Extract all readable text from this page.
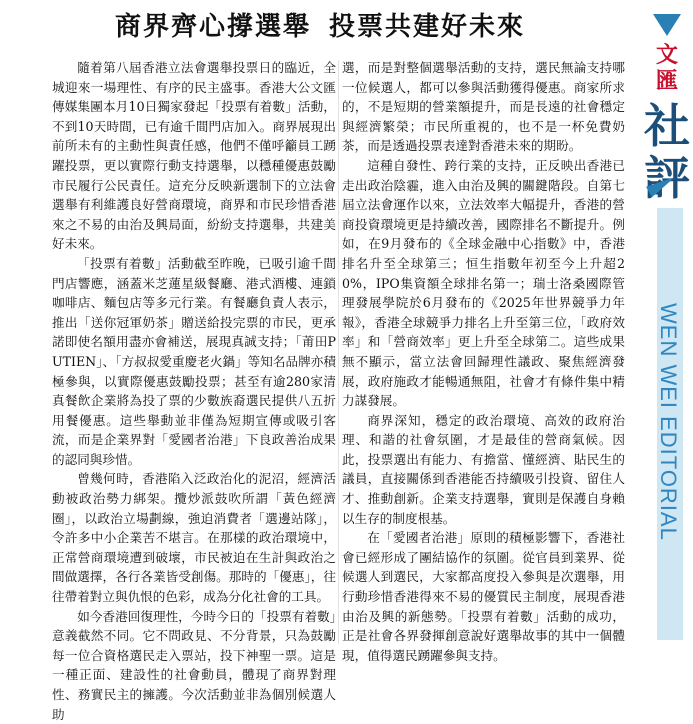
商界齊心撐選舉 投票共建好未來

隨着第八屆香港立法會選舉投票日的臨近，全城迎來一場理性、有序的民主盛事。香港大公文匯傳媒集團本月10日獨家發起「投票有着數」活動，不到10天時間，已有逾千間門店加入。商界展現出前所未有的主動性與責任感，他們不僅呼籲員工踴躍投票，更以實際行動支持選舉，以穩種優惠鼓勵市民履行公民責任。這充分反映新選制下的立法會選舉有利維護良好營商環境，商界和市民珍惜香港來之不易的由治及興局面，紛紛支持選舉，共建美好未來。

「投票有着數」活動截至昨晚，已吸引逾千間門店響應，涵蓋米芝蓮星級餐廳、港式酒樓、連鎖咖啡店、麵包店等多元行業。有餐廳負責人表示，推出「送你冠軍奶茶」贈送給投完票的市民，更承諾即使名額用盡亦會補送，展現真誠支持；「莆田PUTIEN」、「方叔叔愛重慶老火鍋」等知名品牌亦積極參與，以實際優惠鼓勵投票；甚至有逾280家清真餐飲企業將為投了票的少數族裔選民提供八五折用餐優惠。這些舉動並非僅為短期宣傳或吸引客流，而是企業界對「愛國者治港」下良政善治成果的認同與珍惜。

曾幾何時，香港陷入泛政治化的泥沼，經濟活動被政治勢力綁架。攬炒派鼓吹所謂「黃色經濟圈」，以政治立場劃線，強迫消費者「選邊站隊」，令許多中小企業苦不堪言。在那樣的政治環境中，正常營商環境遭到破壞，市民被迫在生計與政治之間做選擇，各行各業皆受創傷。那時的「優惠」，往往帶着對立與仇恨的色彩，成為分化社會的工具。

如今香港回復理性，今時今日的「投票有着數」意義截然不同。它不問政見、不分背景，只為鼓勵每一位合資格選民走入票站，投下神聖一票。這是一種正面、建設性的社會動員，體現了商界對理性、務實民主的擁護。今次活動並非為個別候選人助

選，而是對整個選舉活動的支持，選民無論支持哪一位候選人，都可以參與活動獲得優惠。商家所求的，不是短期的營業額提升，而是長遠的社會穩定與經濟繁榮；市民所重視的，也不是一杯免費奶茶，而是透過投票表達對香港未來的期盼。

這種自發性、跨行業的支持，正反映出香港已走出政治陰霾，進入由治及興的關鍵階段。自第七屆立法會運作以來，立法效率大幅提升，香港的營商投資環境更是持續改善，國際排名不斷提升。例如，在9月發布的《全球金融中心指數》中，香港排名升至全球第三；恒生指數年初至今上升超20%，IPO集資額全球排名第一；瑞士洛桑國際管理發展學院於6月發布的《2025年世界競爭力年報》，香港全球競爭力排名上升至第三位，「政府效率」和「營商效率」更上升至全球第二。這些成果無不顯示，當立法會回歸理性議政、聚焦經濟發展，政府施政才能暢通無阻，社會才有條件集中精力謀發展。

商界深知，穩定的政治環境、高效的政府治理、和諧的社會氛圍，才是最佳的營商氣候。因此，投票選出有能力、有擔當、懂經濟、貼民生的議員，直接關係到香港能否持續吸引投資、留住人才、推動創新。企業支持選舉，實則是保護自身賴以生存的制度根基。

在「愛國者治港」原則的積極影響下，香港社會已經形成了團結協作的氛圍。從官員到業界、從候選人到選民，大家都高度投入參與是次選舉，用行動珍惜香港得來不易的優質民主制度，展現香港由治及興的新態勢。「投票有着數」活動的成功，正是社會各界發揮創意說好選舉故事的其中一個體現，值得選民踴躍參與支持。

文
匯
社
評
WEN WEI EDITORIAL
